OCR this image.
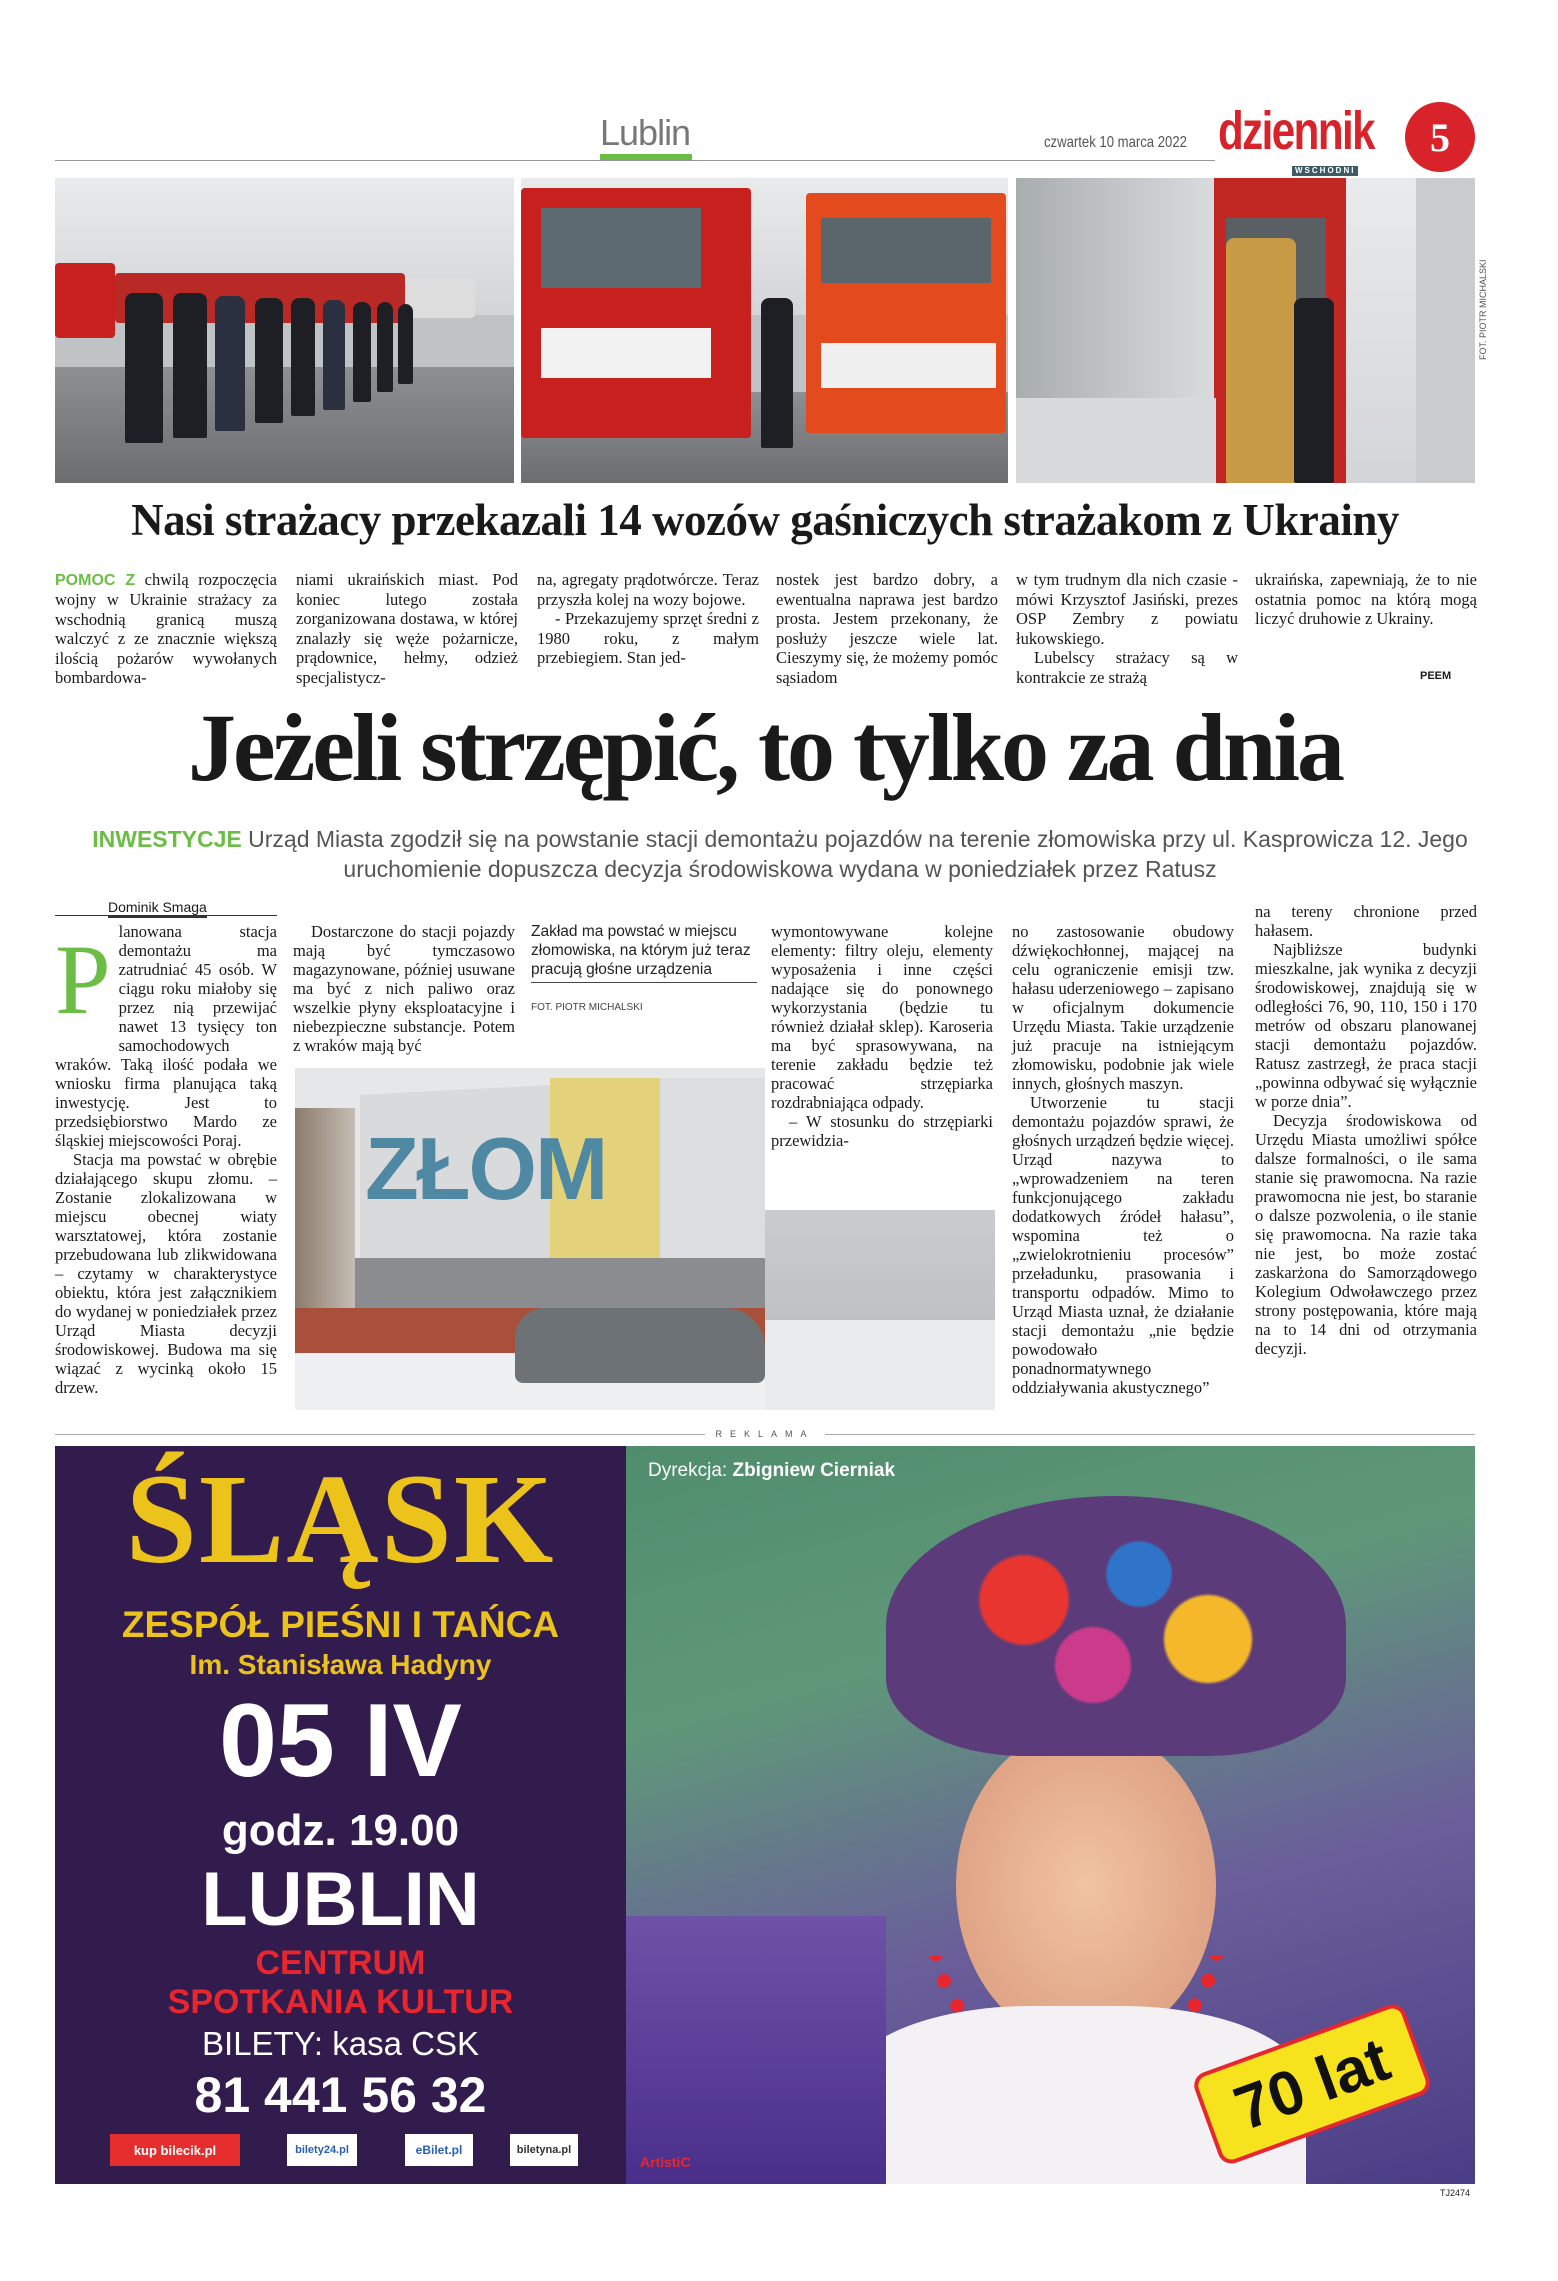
Lublin	czwartek 10 marca 2022 dziennik
WSCHODNI
5
FOT. PIOTR MICHALSKI
Nasi strażacy przekazali 14 wozów gaśniczych strażakom z Ukrainy
POMOC Z chwilą rozpoczęcia wojny w Ukrainie strażacy za wschodnią granicą muszą walczyć z ze znacznie większą ilością pożarów wywołanych bombardowa-

niami ukraińskich miast. Pod koniec lutego została zorganizowana dostawa, w której znalazły się węże pożarnicze, prądownice, hełmy, odzież specjalistycz-

na, agregaty prądotwórcze. Teraz przyszła kolej na wozy bojowe.

- Przekazujemy sprzęt średni z 1980 roku, z małym przebiegiem. Stan jed-

nostek jest bardzo dobry, a ewentualna naprawa jest bardzo prosta. Jestem przekonany, że posłuży jeszcze wiele lat. Cieszymy się, że możemy pomóc sąsiadom

w tym trudnym dla nich czasie - mówi Krzysztof Jasiński, prezes OSP Zembry z powiatu łukowskiego.

Lubelscy strażacy są w kontrakcie ze strażą

ukraińska, zapewniają, że to nie ostatnia pomoc na którą mogą liczyć druhowie z Ukrainy.

PEEM
Jeżeli strzępić, to tylko za dnia
INWESTYCJE Urząd Miasta zgodził się na powstanie stacji demontażu pojazdów na terenie złomowiska przy ul. Kasprowicza 12. Jego uruchomienie dopuszcza decyzja środowiskowa wydana w poniedziałek przez Ratusz
Dominik Smaga

Planowana stacja demontażu ma zatrudniać 45 osób. W ciągu roku miałoby się przez nią przewijać nawet 13 tysięcy ton samochodowych wraków. Taką ilość podała we wniosku firma planująca taką inwestycję. Jest to przedsiębiorstwo Mardo ze śląskiej miejscowości Poraj.

Stacja ma powstać w obrębie działającego skupu złomu. – Zostanie zlokalizowana w miejscu obecnej wiaty warsztatowej, która zostanie przebudowana lub zlikwidowana – czytamy w charakterystyce obiektu, która jest załącznikiem do wydanej w poniedziałek przez Urząd Miasta decyzji środowiskowej. Budowa ma się wiązać z wycinką około 15 drzew.

Dostarczone do stacji pojazdy mają być tymczasowo magazynowane, później usuwane ma być z nich paliwo oraz wszelkie płyny eksploatacyjne i niebezpieczne substancje. Potem z wraków mają być

Zakład ma powstać w miejscu złomowiska, na którym już teraz pracują głośne urządzenia
FOT. PIOTR MICHALSKI
ZŁOM

wymontowywane kolejne elementy: filtry oleju, elementy wyposażenia i inne części nadające się do ponownego wykorzystania (będzie tu również działał sklep). Karoseria ma być sprasowywana, na terenie zakładu będzie też pracować strzępiarka rozdrabniająca odpady.

– W stosunku do strzępiarki przewidzia-

no zastosowanie obudowy dźwiękochłonnej, mającej na celu ograniczenie emisji tzw. hałasu uderzeniowego – zapisano w oficjalnym dokumencie Urzędu Miasta. Takie urządzenie już pracuje na istniejącym złomowisku, podobnie jak wiele innych, głośnych maszyn.

Utworzenie tu stacji demontażu pojazdów sprawi, że głośnych urządzeń będzie więcej. Urząd nazywa to „wprowadzeniem na teren funkcjonującego zakładu dodatkowych źródeł hałasu”, wspomina też o „zwielokrotnieniu procesów” przeładunku, prasowania i transportu odpadów. Mimo to Urząd Miasta uznał, że działanie stacji demontażu „nie będzie powodowało ponadnormatywnego oddziaływania akustycznego”

na tereny chronione przed hałasem.

Najbliższe budynki mieszkalne, jak wynika z decyzji środowiskowej, znajdują się w odległości 76, 90, 110, 150 i 170 metrów od obszaru planowanej stacji demontażu pojazdów. Ratusz zastrzegł, że praca stacji „powinna odbywać się wyłącznie w porze dnia”.

Decyzja środowiskowa od Urzędu Miasta umożliwi spółce dalsze formalności, o ile sama stanie się prawomocna. Na razie prawomocna nie jest, bo staranie o dalsze pozwolenia, o ile stanie się prawomocna. Na razie taka nie jest, bo może zostać zaskarżona do Samorządowego Kolegium Odwoławczego przez strony postępowania, które mają na to 14 dni od otrzymania decyzji.

REKLAMA
ŚLĄSK
ZESPÓŁ PIEŚNI I TAŃCA
Im. Stanisława Hadyny
05 IV
godz. 19.00
LUBLIN
CENTRUM
SPOTKANIA KULTUR
BILETY: kasa CSK
81 441 56 32
kup bilecik.pl	bilety24.pl	eBilet.pl	biletyna.pl
Dyrekcja: Zbigniew Cierniak
70 lat
ArtistiC
TJ2474
